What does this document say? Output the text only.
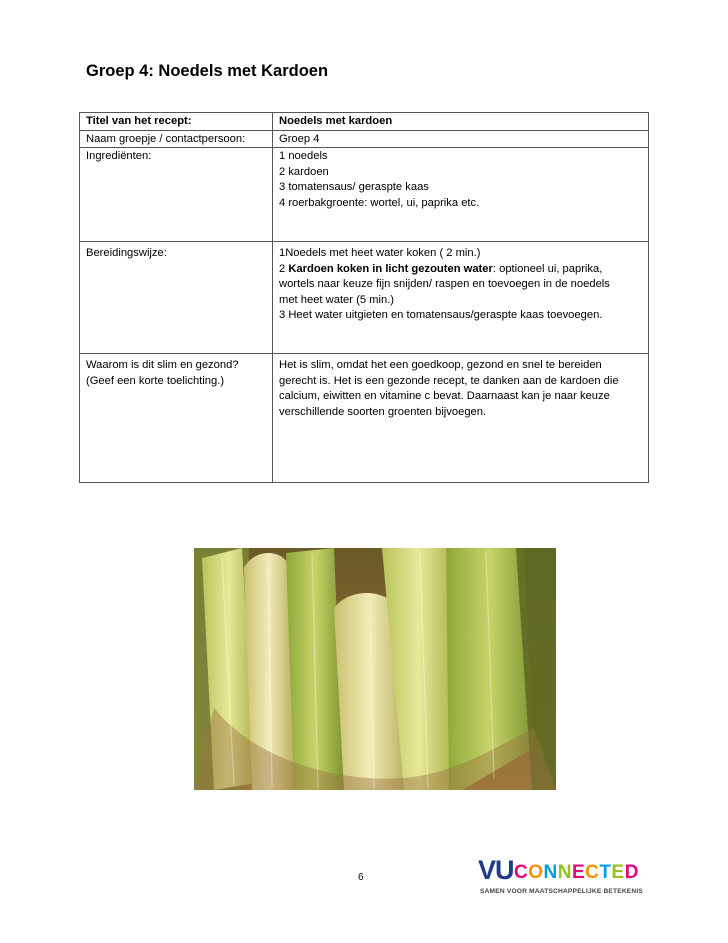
Groep 4: Noedels met Kardoen
Titel van het recept:	Noedels met kardoen
Naam groepje / contactpersoon:	Groep 4
Ingrediënten:	1 noedels
2 kardoen
3 tomatensaus/ geraspte kaas
4 roerbakgroente: wortel, ui, paprika etc.

Bereidingswijze:	1Noedels met heet water koken ( 2 min.)
2 Kardoen koken in licht gezouten water: optioneel ui, paprika,
wortels naar keuze fijn snijden/ raspen en toevoegen in de noedels
met heet water (5 min.)
3 Heet water uitgieten en tomatensaus/geraspte kaas toevoegen.

Waarom is dit slim en gezond?
(Geef een korte toelichting.)	Het is slim, omdat het een goedkoop, gezond en snel te bereiden
gerecht is. Het is een gezonde recept, te danken aan de kardoen die
calcium, eiwitten en vitamine c bevat. Daarnaast kan je naar keuze
verschillende soorten groenten bijvoegen.
6	VU CONNECTED
SAMEN VOOR MAATSCHAPPELIJKE BETEKENIS
